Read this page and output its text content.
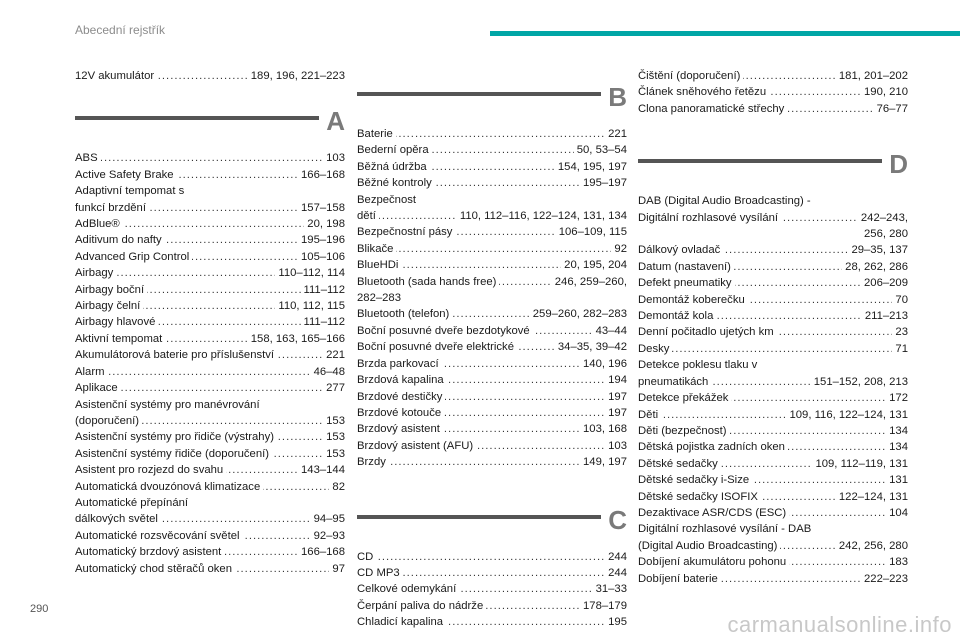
Abecední rejstřík
189, 196, 221–223
12V akumulátor .....
A
103
ABS .....
166–168
Active Safety Brake .....
Adaptivní tempomat s
157–158
funkcí brzdění .....
20, 198
AdBlue® .....
195–196
Aditivum do nafty .....
105–106
Advanced Grip Control .....
110–112, 114
Airbagy .....
111–112
Airbagy boční .....
110, 112, 115
Airbagy čelní .....
111–112
Airbagy hlavové .....
158, 163, 165–166
Aktivní tempomat .....
221
Akumulátorová baterie pro příslušenství .....
46–48
Alarm .....
277
Aplikace .....
Asistenční systémy pro manévrování
153
(doporučení) .....
153
Asistenční systémy pro řidiče (výstrahy) .....
153
Asistenční systémy řidiče (doporučení) .....
143–144
Asistent pro rozjezd do svahu .....
82
Automatická dvouzónová klimatizace .....
Automatické přepínání
94–95
dálkových světel .....
92–93
Automatické rozsvěcování světel .....
166–168
Automatický brzdový asistent .....
97
Automatický chod stěračů oken .....
B
221
Baterie .....
50, 53–54
Bederní opěra .....
154, 195, 197
Běžná údržba .....
195–197
Běžné kontroly .....
Bezpečnost
110, 112–116, 122–124, 131, 134
dětí .....
106–109, 115
Bezpečnostní pásy .....
92
Blikače .....
20, 195, 204
BlueHDi .....
246, 259–260,
Bluetooth (sada hands free) .....
282–283
259–260, 282–283
Bluetooth (telefon) .....
43–44
Boční posuvné dveře bezdotykové .....
34–35, 39–42
Boční posuvné dveře elektrické .....
140, 196
Brzda parkovací .....
194
Brzdová kapalina .....
197
Brzdové destičky .....
197
Brzdové kotouče .....
103, 168
Brzdový asistent .....
103
Brzdový asistent (AFU) .....
149, 197
Brzdy .....
C
244
CD .....
244
CD MP3 .....
31–33
Celkové odemykání .....
178–179
Čerpání paliva do nádrže .....
195
Chladicí kapalina .....
181, 201–202
Čištění (doporučení) .....
190, 210
Článek sněhového řetězu .....
76–77
Clona panoramatické střechy .....
D
DAB (Digital Audio Broadcasting) -
242–243,
Digitální rozhlasové vysílání .....
256, 280
29–35, 137
Dálkový ovladač .....
28, 262, 286
Datum (nastavení) .....
206–209
Defekt pneumatiky .....
70
Demontáž koberečku .....
211–213
Demontáž kola .....
23
Denní počitadlo ujetých km .....
71
Desky .....
Detekce poklesu tlaku v
151–152, 208, 213
pneumatikách .....
172
Detekce překážek .....
109, 116, 122–124, 131
Děti .....
134
Děti (bezpečnost) .....
134
Dětská pojistka zadních oken .....
109, 112–119, 131
Dětské sedačky .....
131
Dětské sedačky i-Size .....
122–124, 131
Dětské sedačky ISOFIX .....
104
Dezaktivace ASR/CDS (ESC) .....
Digitální rozhlasové vysílání - DAB
242, 256, 280
(Digital Audio Broadcasting) .....
183
Dobíjení akumulátoru pohonu .....
222–223
Dobíjení baterie .....
290
carmanualsonline.info
